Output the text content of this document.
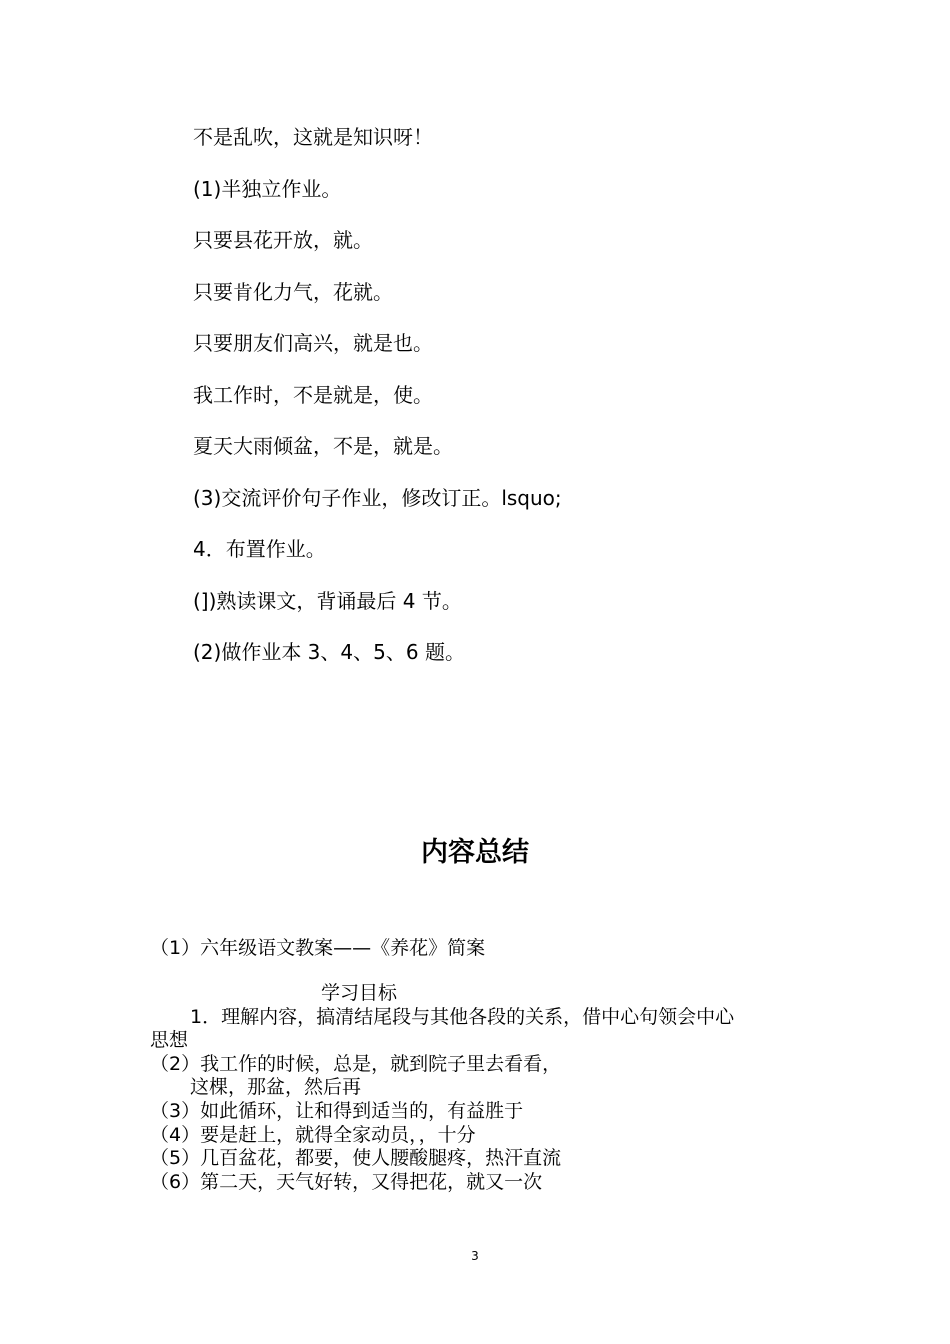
不是乱吹，这就是知识呀！

(1)半独立作业。

只要县花开放，就。

只要肯化力气，花就。

只要朋友们高兴，就是也。

我工作时，不是就是，使。

夏天大雨倾盆，不是，就是。

(3)交流评价句子作业，修改订正。lsquo;

4．布置作业。

(])熟读课文，背诵最后 4 节。

(2)做作业本 3、4、5、6 题。

内容总结

（1）六年级语文教案——《养花》简案

学习目标
1．理解内容，搞清结尾段与其他各段的关系，借中心句领会中心
思想
（2）我工作的时候，总是，就到院子里去看看，
这棵，那盆，然后再
（3）如此循环，让和得到适当的，有益胜于
（4）要是赶上，就得全家动员，，十分
（5）几百盆花，都要，使人腰酸腿疼，热汗直流
（6）第二天，天气好转，又得把花，就又一次
3
